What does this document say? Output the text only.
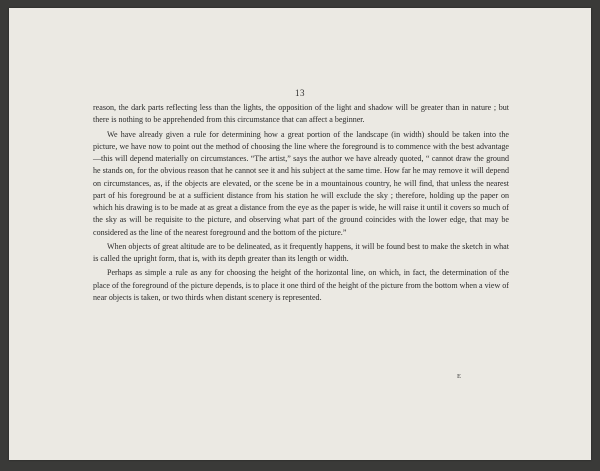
13

reason, the dark parts reflecting less than the lights, the opposition of the light and shadow will be greater than in nature ; but there is nothing to be apprehended from this circumstance that can affect a beginner.

We have already given a rule for determining how a great portion of the landscape (in width) should be taken into the picture, we have now to point out the method of choosing the line where the foreground is to commence with the best advantage—this will depend materially on circumstances. “The artist,” says the author we have already quoted, “ cannot draw the ground he stands on, for the obvious reason that he cannot see it and his subject at the same time. How far he may remove it will depend on circumstances, as, if the objects are elevated, or the scene be in a mountainous country, he will find, that unless the nearest part of his foreground be at a sufficient distance from his station he will exclude the sky ; therefore, holding up the paper on which his drawing is to be made at as great a distance from the eye as the paper is wide, he will raise it until it covers so much of the sky as will be requisite to the picture, and observing what part of the ground coincides with the lower edge, that may be considered as the line of the nearest foreground and the bottom of the picture.”

When objects of great altitude are to be delineated, as it frequently happens, it will be found best to make the sketch in what is called the upright form, that is, with its depth greater than its length or width.

Perhaps as simple a rule as any for choosing the height of the horizontal line, on which, in fact, the determination of the place of the foreground of the picture depends, is to place it one third of the height of the picture from the bottom when a view of near objects is taken, or two thirds when distant scenery is represented.

E
